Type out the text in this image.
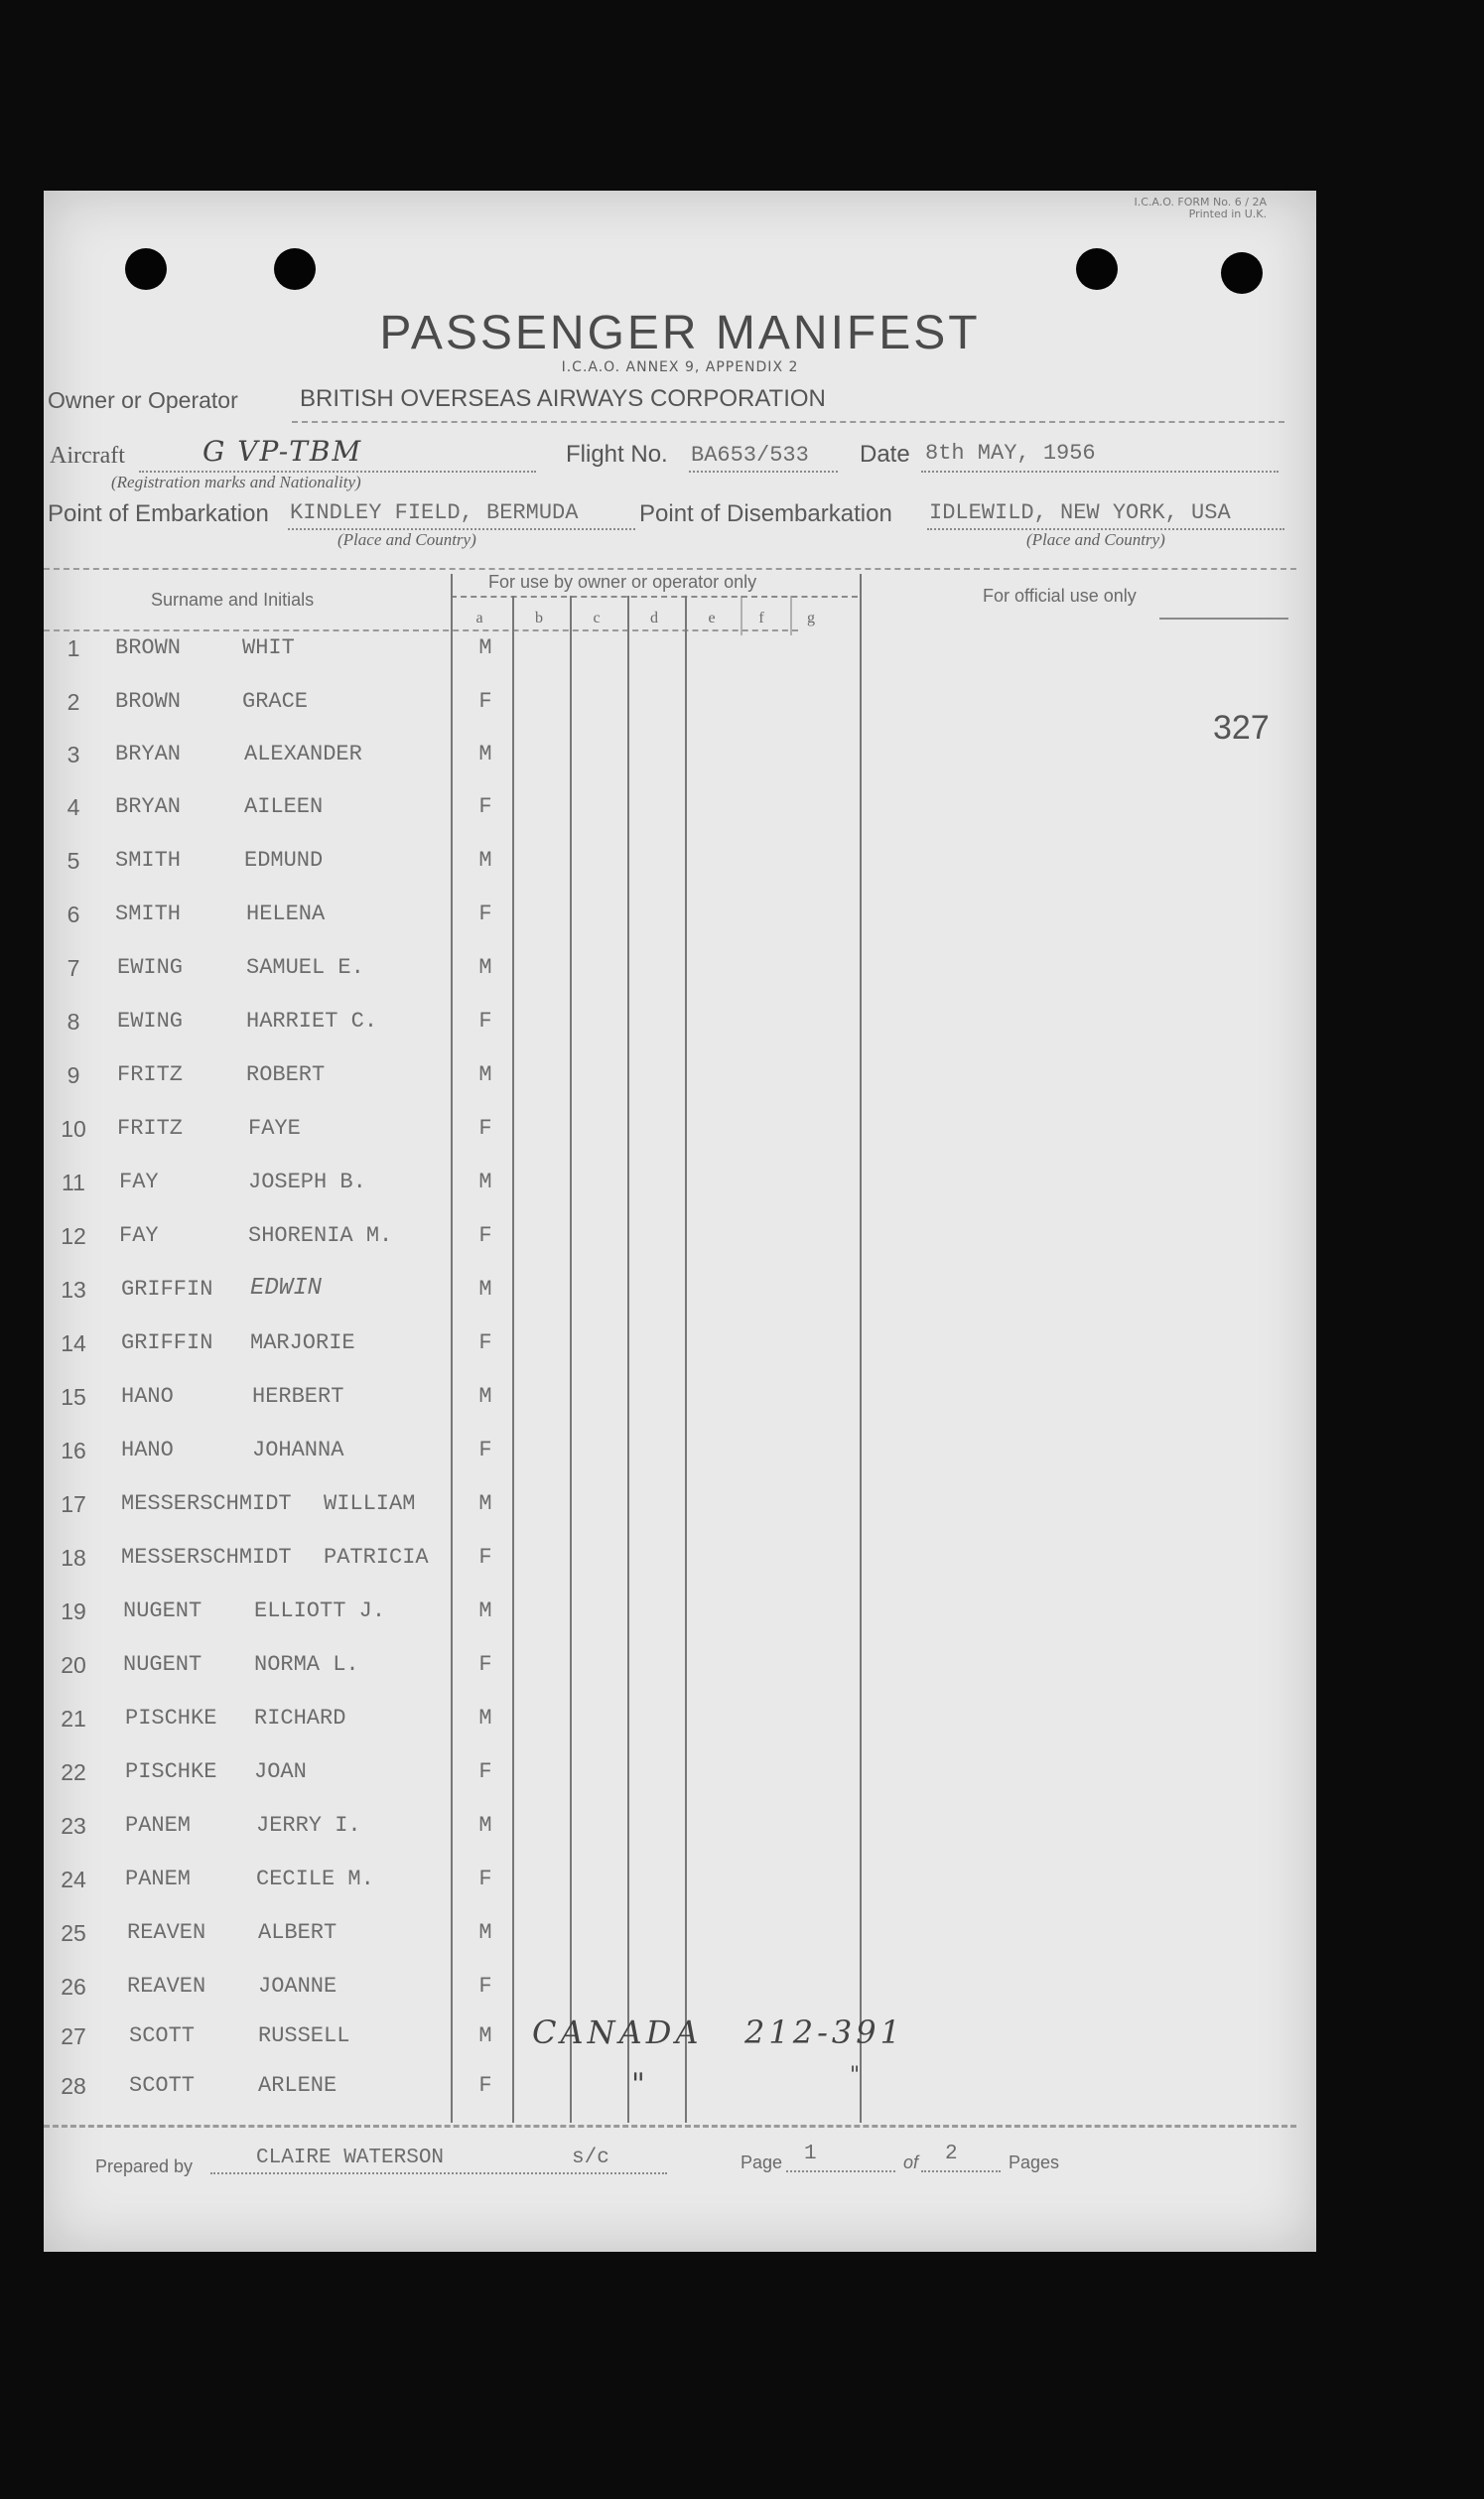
I.C.A.O. FORM No. 6 / 2A
Printed in U.K.
PASSENGER MANIFEST
I.C.A.O. ANNEX 9, APPENDIX 2
Owner or Operator	BRITISH OVERSEAS AIRWAYS CORPORATION
Aircraft	G VP-TBM
(Registration marks and Nationality)
Flight No. BA653/533 Date 8th MAY, 1956
Point of Embarkation KINDLEY FIELD, BERMUDA
(Place and Country)
Point of Disembarkation IDLEWILD, NEW YORK, USA
(Place and Country)
Surname and Initials
For use by owner or operator only
For official use only
a	b	c	d	e	f	g
327
1	BROWN	WHIT	M
2	BROWN	GRACE	F
3	BRYAN	ALEXANDER	M
4	BRYAN	AILEEN	F
5	SMITH	EDMUND	M
6	SMITH	HELENA	F
7	EWING	SAMUEL E.	M
8	EWING	HARRIET C.	F
9	FRITZ	ROBERT	M
10	FRITZ	FAYE	F
11	FAY	JOSEPH B.	M
12	FAY	SHORENIA M.	F
13	GRIFFIN EDWIN	M
14	GRIFFIN MARJORIE	F
15	HANO	HERBERT	M
16	HANO	JOHANNA	F
17	MESSERSCHMIDT WILLIAM	M
18	MESSERSCHMIDT PATRICIA	F
19	NUGENT ELLIOTT J.	M
20	NUGENT NORMA L.	F
21	PISCHKE RICHARD	M
22	PISCHKE JOAN	F
23	PANEM	JERRY I.	M
24	PANEM	CECILE M.	F
25	REAVEN ALBERT	M
26	REAVEN JOANNE	F
27	SCOTT	RUSSELL	M
28	SCOTT	ARLENE	F
CANADA   212-391
"	"
Prepared by	CLAIRE WATERSON	s/c	Page 1	of 2	Pages
